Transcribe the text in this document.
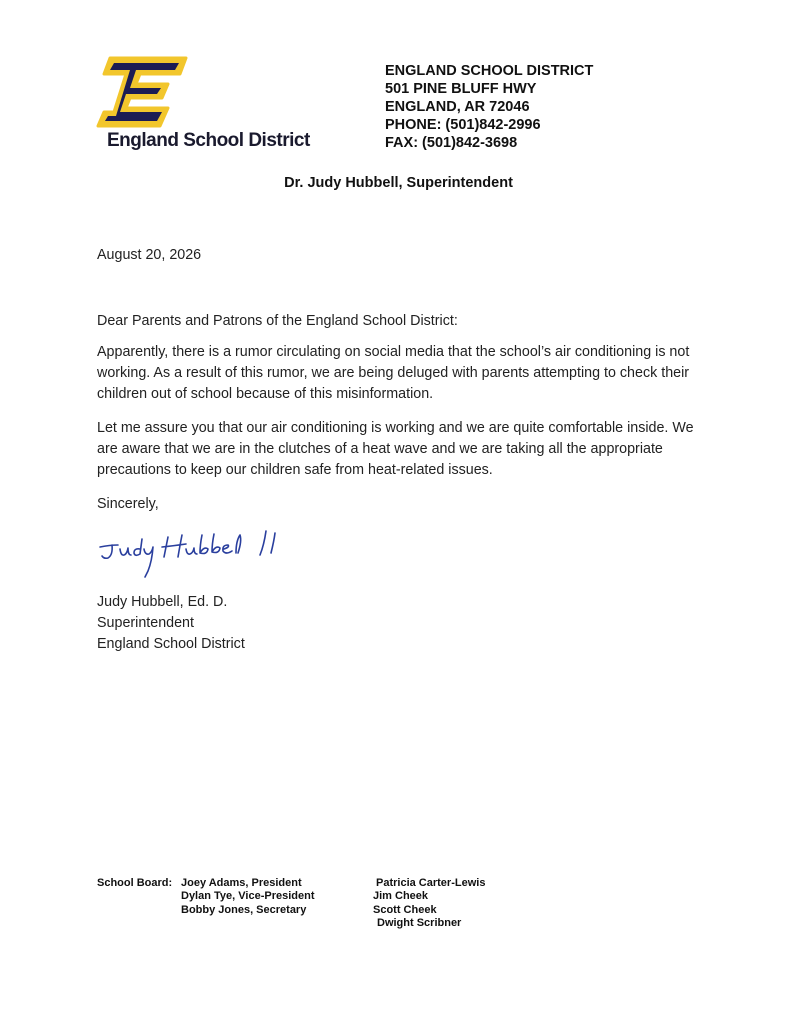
England School District
ENGLAND SCHOOL DISTRICT
501 PINE BLUFF HWY
ENGLAND, AR 72046
PHONE: (501)842-2996
FAX: (501)842-3698
Dr. Judy Hubbell, Superintendent
August 20, 2026
Dear Parents and Patrons of the England School District:
Apparently, there is a rumor circulating on social media that the school’s air conditioning is not working. As a result of this rumor, we are being deluged with parents attempting to check their children out of school because of this misinformation.
Let me assure you that our air conditioning is working and we are quite comfortable inside. We are aware that we are in the clutches of a heat wave and we are taking all the appropriate precautions to keep our children safe from heat-related issues.
Sincerely,
Judy Hubbell, Ed. D.
Superintendent
England School District
School Board: Joey Adams, President
Dylan Tye, Vice-President
Bobby Jones, Secretary
Patricia Carter-Lewis
Jim Cheek
Scott Cheek
Dwight Scribner
